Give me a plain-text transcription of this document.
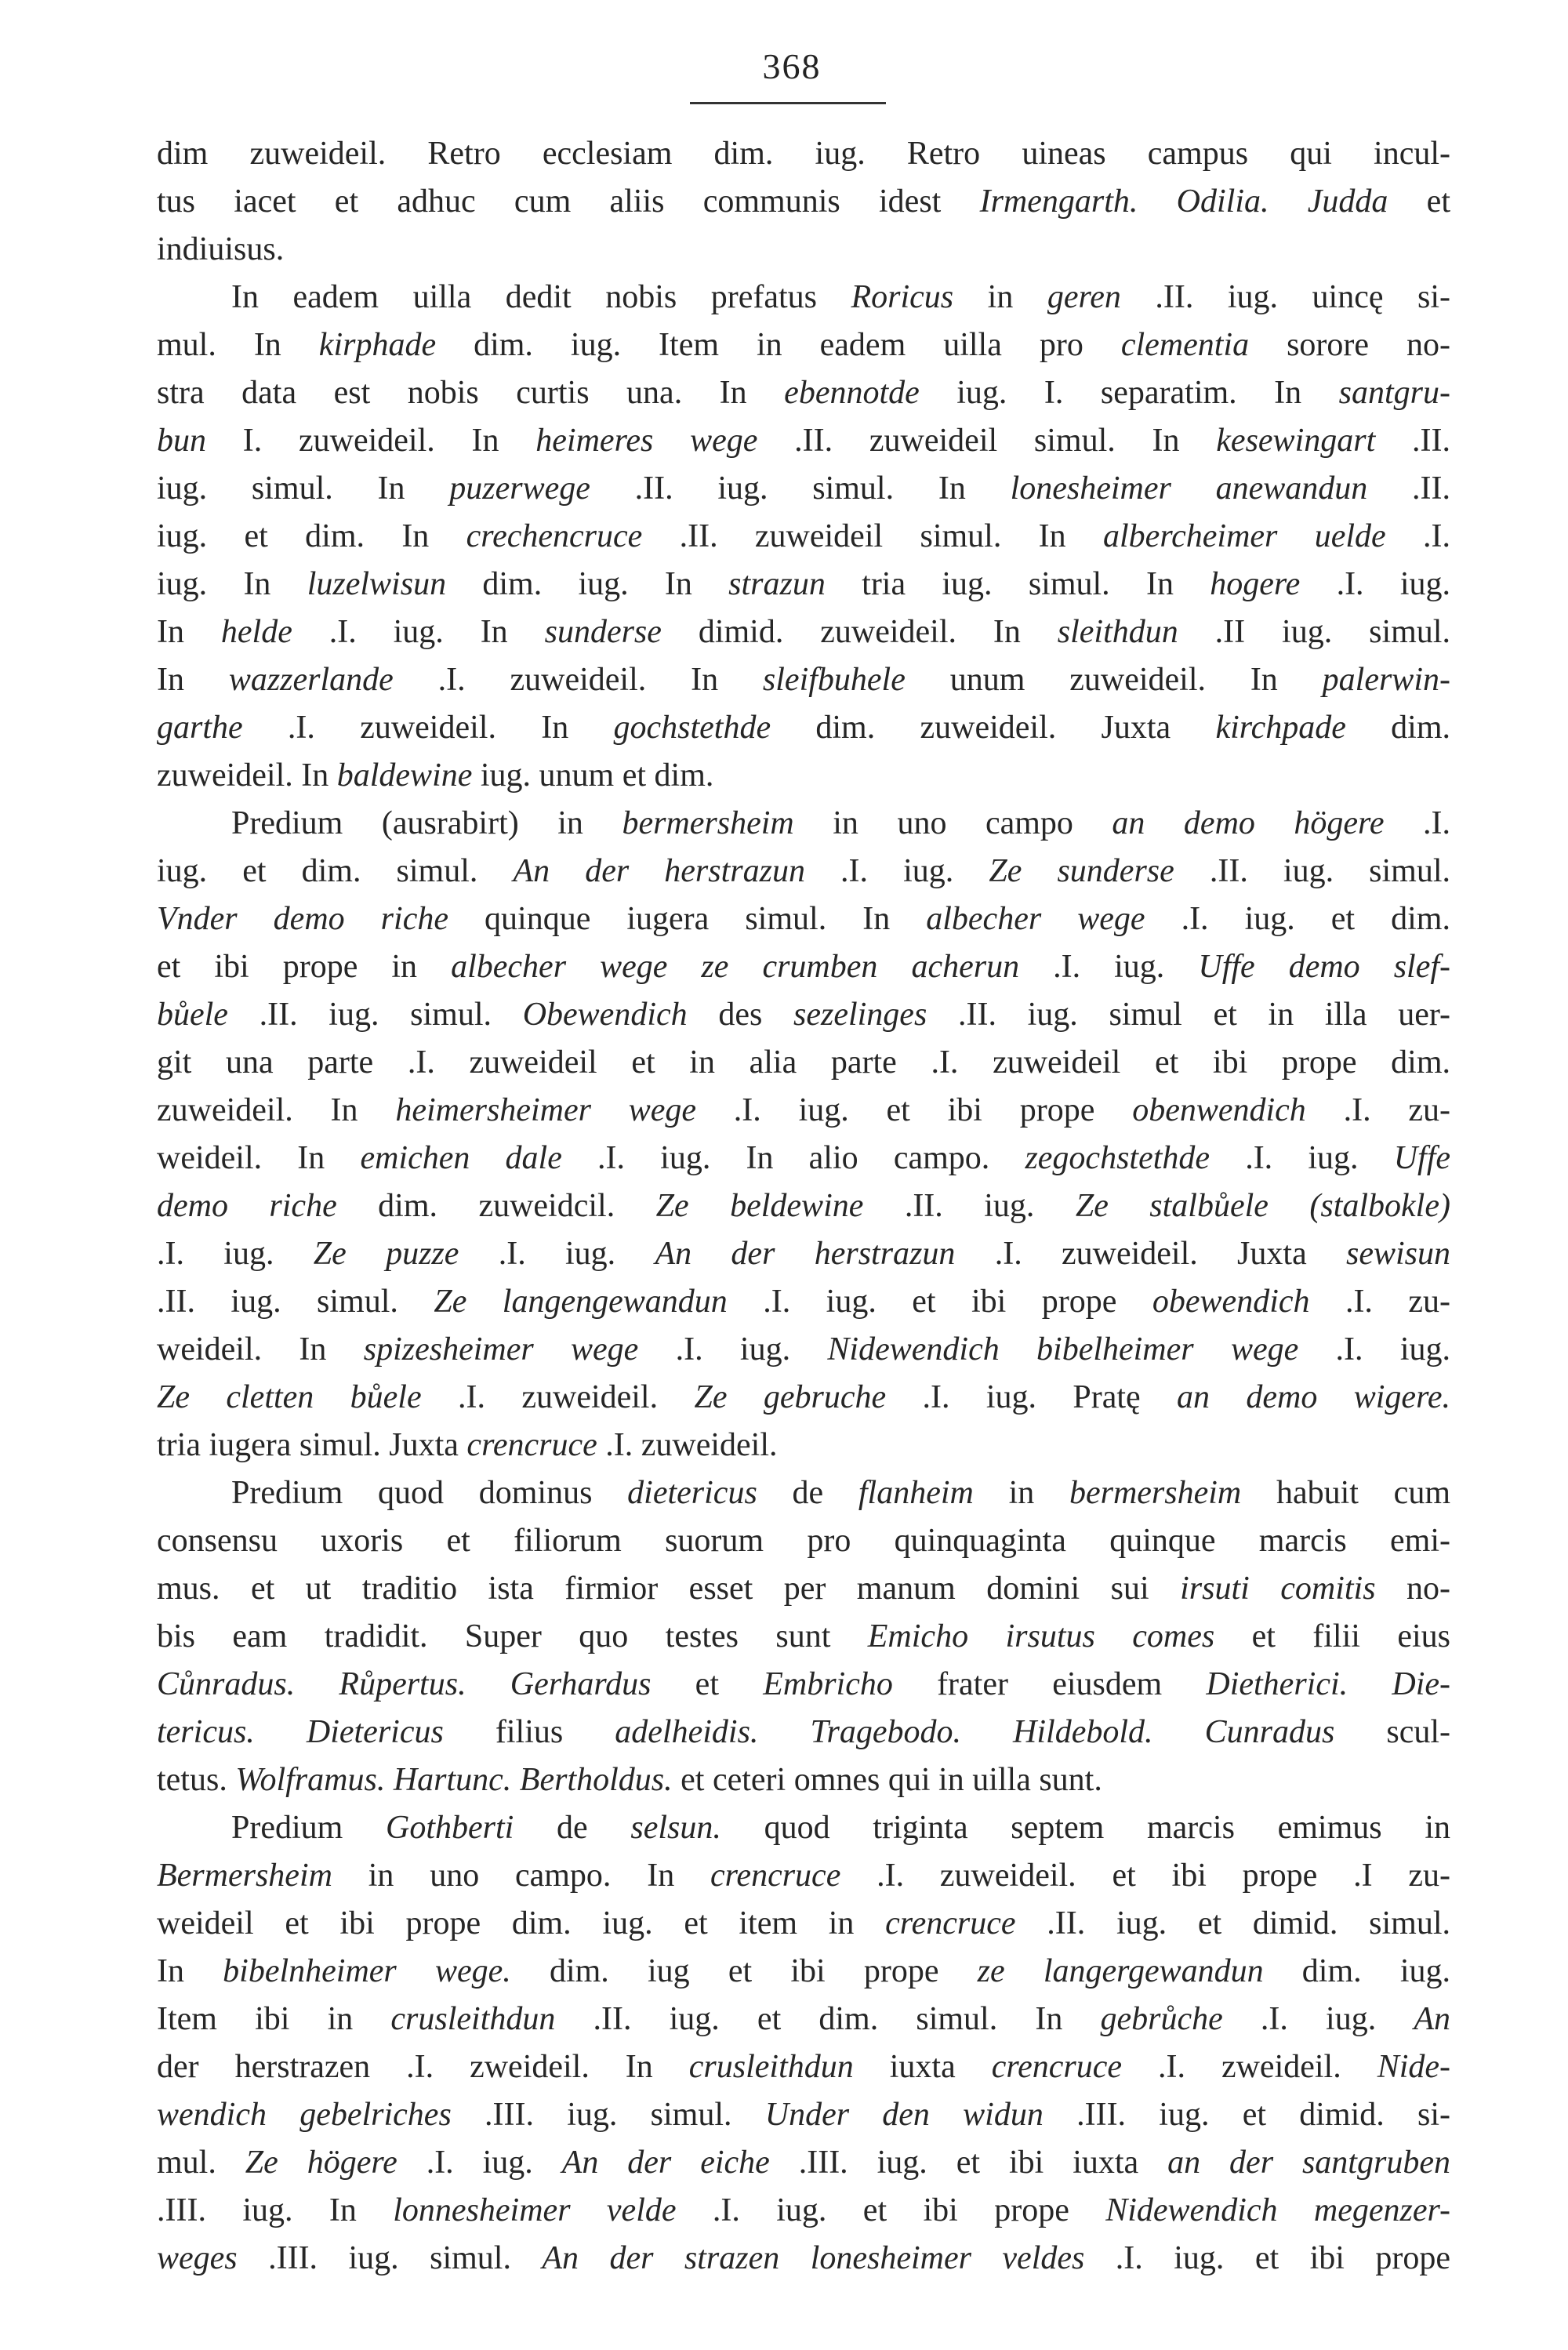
368
dim zuweideil. Retro ecclesiam dim. iug. Retro uineas campus qui incul-
tus iacet et adhuc cum aliis communis idest Irmengarth. Odilia. Judda et
indiuisus.
In eadem uilla dedit nobis prefatus Roricus in geren .II. iug. uincę si-
mul. In kirphade dim. iug. Item in eadem uilla pro clementia sorore no-
stra data est nobis curtis una. In ebennotde iug. I. separatim. In santgru-
bun I. zuweideil. In heimeres wege .II. zuweideil simul. In kesewingart .II.
iug. simul. In puzerwege .II. iug. simul. In lonesheimer anewandun .II.
iug. et dim. In crechencruce .II. zuweideil simul. In albercheimer uelde .I.
iug. In luzelwisun dim. iug. In strazun tria iug. simul. In hogere .I. iug.
In helde .I. iug. In sunderse dimid. zuweideil. In sleithdun .II iug. simul.
In wazzerlande .I. zuweideil. In sleifbuhele unum zuweideil. In palerwin-
garthe .I. zuweideil. In gochstethde dim. zuweideil. Juxta kirchpade dim.
zuweideil. In baldewine iug. unum et dim.
Predium (ausrabirt) in bermersheim in uno campo an demo högere .I.
iug. et dim. simul. An der herstrazun .I. iug. Ze sunderse .II. iug. simul.
Vnder demo riche quinque iugera simul. In albecher wege .I. iug. et dim.
et ibi prope in albecher wege ze crumben acherun .I. iug. Uffe demo slef-
bůele .II. iug. simul. Obewendich des sezelinges .II. iug. simul et in illa uer-
git una parte .I. zuweideil et in alia parte .I. zuweideil et ibi prope dim.
zuweideil. In heimersheimer wege .I. iug. et ibi prope obenwendich .I. zu-
weideil. In emichen dale .I. iug. In alio campo. zegochstethde .I. iug. Uffe
demo riche dim. zuweidcil. Ze beldewine .II. iug. Ze stalbůele (stalbokle)
.I. iug. Ze puzze .I. iug. An der herstrazun .I. zuweideil. Juxta sewisun
.II. iug. simul. Ze langengewandun .I. iug. et ibi prope obewendich .I. zu-
weideil. In spizesheimer wege .I. iug. Nidewendich bibelheimer wege .I. iug.
Ze cletten bůele .I. zuweideil. Ze gebruche .I. iug. Pratę an demo wigere.
tria iugera simul. Juxta crencruce .I. zuweideil.
Predium quod dominus dietericus de flanheim in bermersheim habuit cum
consensu uxoris et filiorum suorum pro quinquaginta quinque marcis emi-
mus. et ut traditio ista firmior esset per manum domini sui irsuti comitis no-
bis eam tradidit. Super quo testes sunt Emicho irsutus comes et filii eius
Cůnradus. Růpertus. Gerhardus et Embricho frater eiusdem Dietherici. Die-
tericus. Dietericus filius adelheidis. Tragebodo. Hildebold. Cunradus scul-
tetus. Wolframus. Hartunc. Bertholdus. et ceteri omnes qui in uilla sunt.
Predium Gothberti de selsun. quod triginta septem marcis emimus in
Bermersheim in uno campo. In crencruce .I. zuweideil. et ibi prope .I zu-
weideil et ibi prope dim. iug. et item in crencruce .II. iug. et dimid. simul.
In bibelnheimer wege. dim. iug et ibi prope ze langergewandun dim. iug.
Item ibi in crusleithdun .II. iug. et dim. simul. In gebrůche .I. iug. An
der herstrazen .I. zweideil. In crusleithdun iuxta crencruce .I. zweideil. Nide-
wendich gebelriches .III. iug. simul. Under den widun .III. iug. et dimid. si-
mul. Ze högere .I. iug. An der eiche .III. iug. et ibi iuxta an der santgruben
.III. iug. In lonnesheimer velde .I. iug. et ibi prope Nidewendich megenzer-
weges .III. iug. simul. An der strazen lonesheimer veldes .I. iug. et ibi prope
